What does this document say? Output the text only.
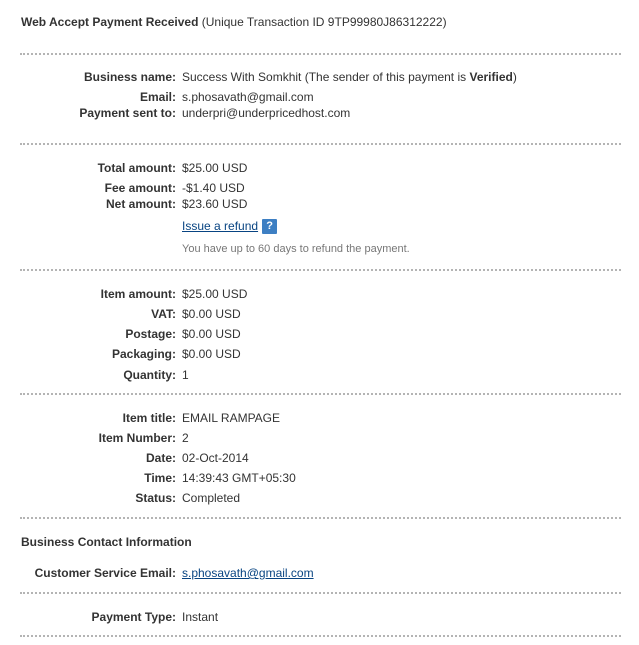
Web Accept Payment Received (Unique Transaction ID 9TP99980J86312222)
Business name: Success With Somkhit (The sender of this payment is Verified)
Email: s.phosavath@gmail.com
Payment sent to: underpri@underpricedhost.com
Total amount: $25.00 USD
Fee amount: -$1.40 USD
Net amount: $23.60 USD
Issue a refund ?
You have up to 60 days to refund the payment.
Item amount: $25.00 USD
VAT: $0.00 USD
Postage: $0.00 USD
Packaging: $0.00 USD
Quantity: 1
Item title: EMAIL RAMPAGE
Item Number: 2
Date: 02-Oct-2014
Time: 14:39:43 GMT+05:30
Status: Completed
Business Contact Information
Customer Service Email: s.phosavath@gmail.com
Payment Type: Instant
